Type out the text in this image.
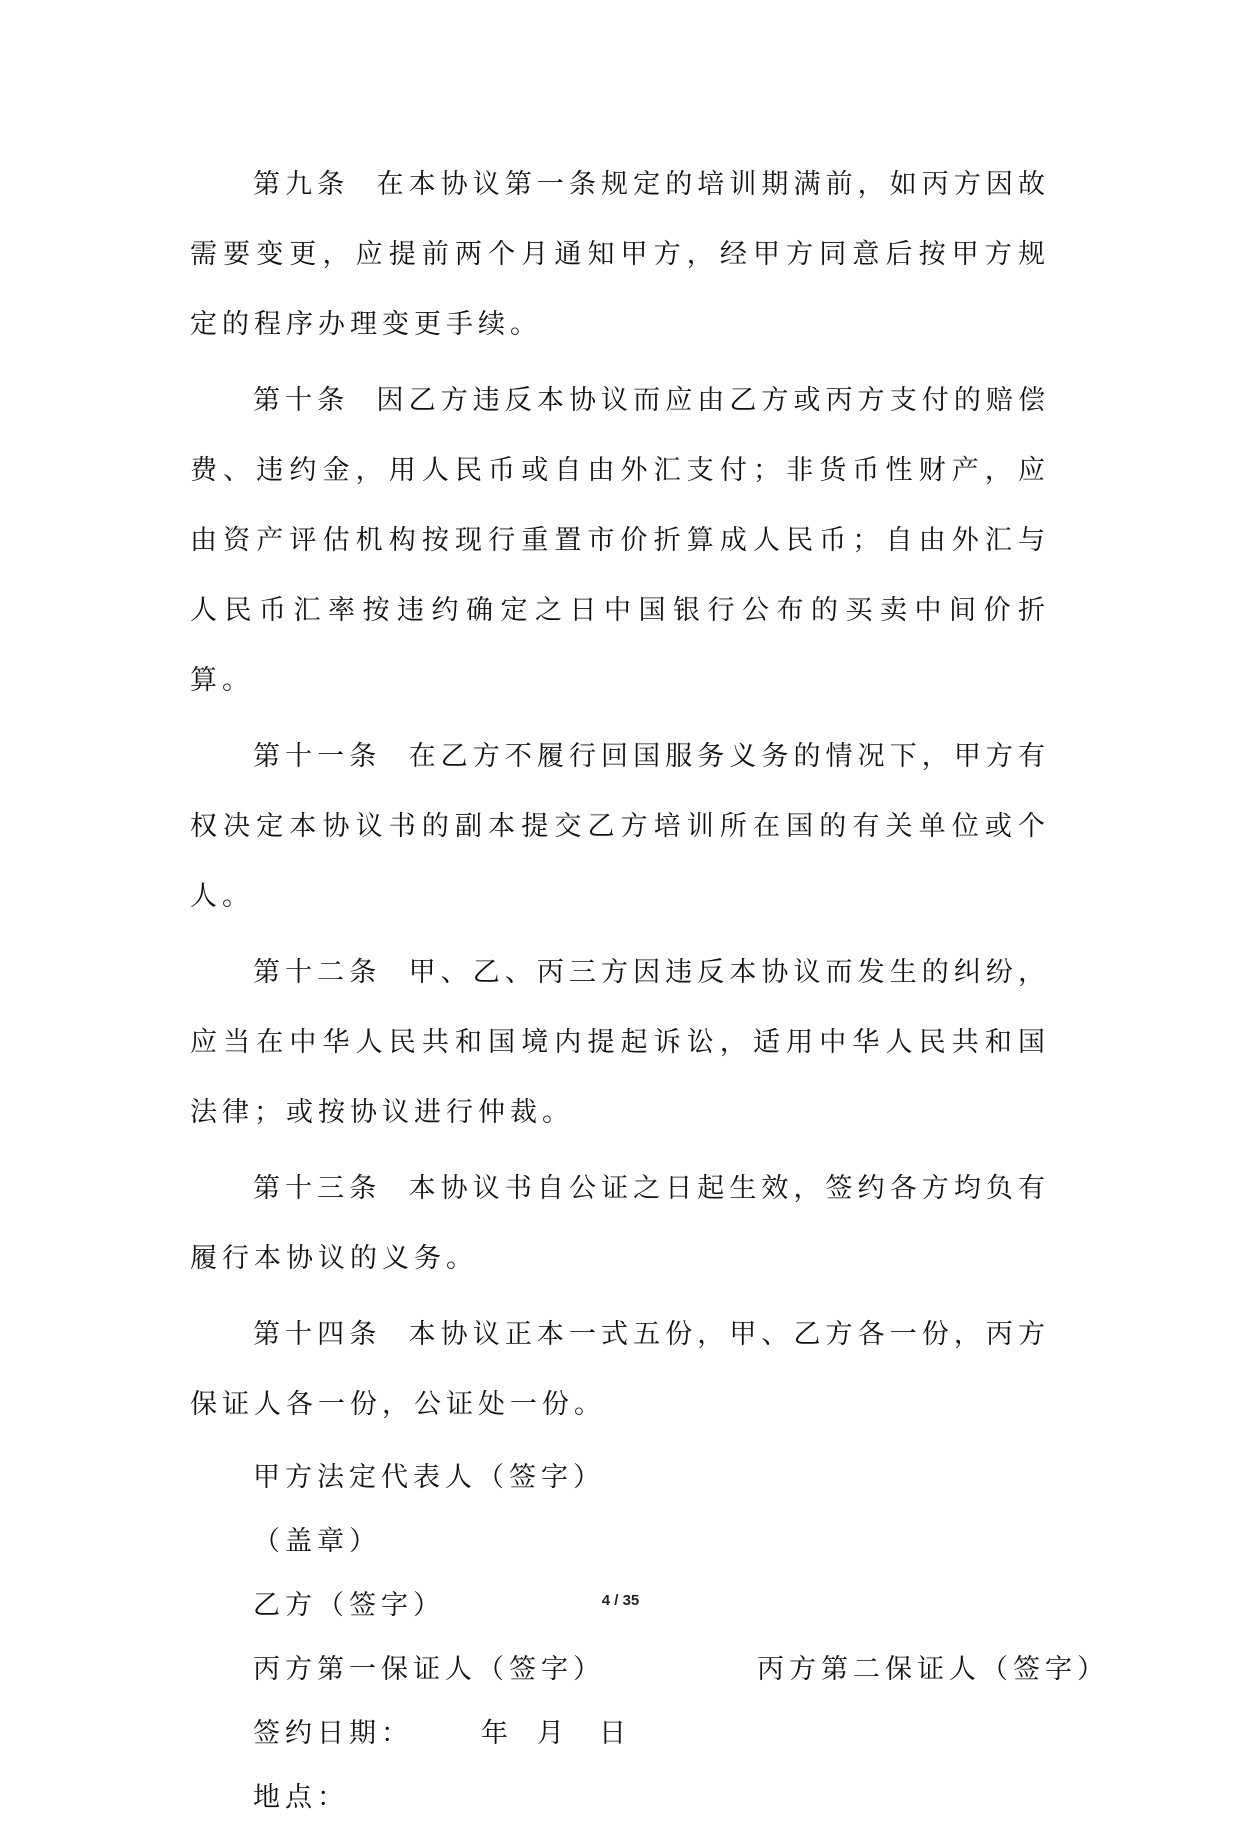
第九条 在本协议第一条规定的培训期满前，如丙方因故需要变更，应提前两个月通知甲方，经甲方同意后按甲方规定的程序办理变更手续。

第十条 因乙方违反本协议而应由乙方或丙方支付的赔偿费、违约金，用人民币或自由外汇支付；非货币性财产，应由资产评估机构按现行重置市价折算成人民币；自由外汇与人民币汇率按违约确定之日中国银行公布的买卖中间价折算。

第十一条 在乙方不履行回国服务义务的情况下，甲方有权决定本协议书的副本提交乙方培训所在国的有关单位或个人。

第十二条 甲、乙、丙三方因违反本协议而发生的纠纷，应当在中华人民共和国境内提起诉讼，适用中华人民共和国法律；或按协议进行仲裁。

第十三条 本协议书自公证之日起生效，签约各方均负有履行本协议的义务。

第十四条 本协议正本一式五份，甲、乙方各一份，丙方保证人各一份，公证处一份。

甲方法定代表人（签字）

（盖章）

乙方（签字）

丙方第一保证人（签字）	丙方第二保证人（签字）
签约日期：	年 月 日

地点：

4 / 35
